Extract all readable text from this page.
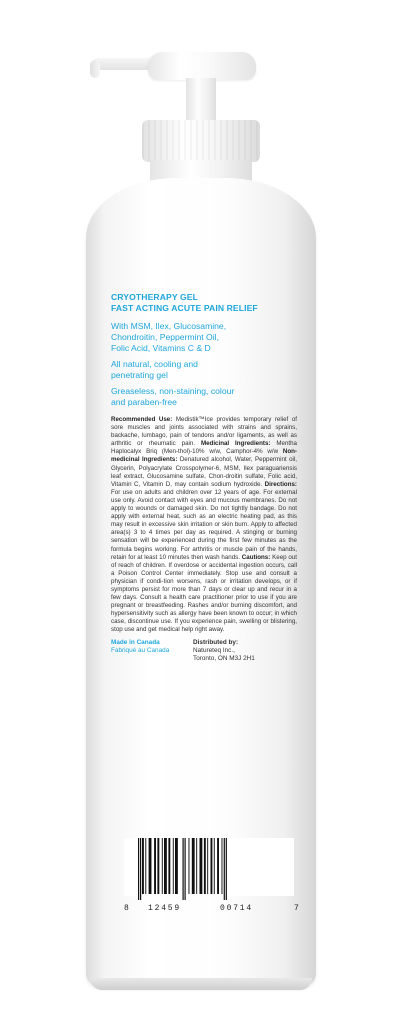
CRYOTHERAPY GEL
FAST ACTING ACUTE PAIN RELIEF
With MSM, Ilex, Glucosamine,
Chondroitin, Peppermint Oil,
Folic Acid, Vitamins C & D
All natural, cooling and
penetrating gel
Greaseless, non-staining, colour
and paraben-free
Recommended Use: Medistik™Ice provides temporary relief of sore muscles and joints associated with strains and sprains, backache, lumbago, pain of tendons and/or ligaments, as well as arthritic or rheumatic pain. Medicinal Ingredients: Mentha Haplocalyx Briq (Men-thol)-10% w/w, Camphor-4% w/w Non-medicinal Ingredients: Denatured alcohol, Water, Peppermint oil, Glycerin, Polyacrylate Crosspolymer-6, MSM, Ilex paraguariensis leaf extract, Glucosamine sulfate, Chon-droitin sulfate, Folic acid, Vitamin C, Vitamin D, may contain sodium hydroxide. Directions: For use on adults and children over 12 years of age. For external use only. Avoid contact with eyes and mucous membranes. Do not apply to wounds or damaged skin. Do not tightly bandage. Do not apply with external heat, such as an electric heating pad, as this may result in excessive skin irritation or skin burn. Apply to affected area(s) 3 to 4 times per day as required. A stinging or burning sensation will be experienced during the first few minutes as the formula begins working. For arthritis or muscle pain of the hands, retain for at least 10 minutes then wash hands. Cautions: Keep out of reach of children. If overdose or accidental ingestion occurs, call a Poison Control Center immediately. Stop use and consult a physician if condi-tion worsens, rash or irritation develops, or if symptoms persist for more than 7 days or clear up and recur in a few days. Consult a health care practitioner prior to use if you are pregnant or breastfeeding. Rashes and/or burning discomfort, and hypersensitivity such as allergy have been known to occur; in which case, discontinue use. If you experience pain, swelling or blistering, stop use and get medical help right away.
Made in Canada
Fabriqué au Canada
Distributed by:
Natureteq Inc.,
Toronto, ON M3J 2H1
8 12459	00714	7
